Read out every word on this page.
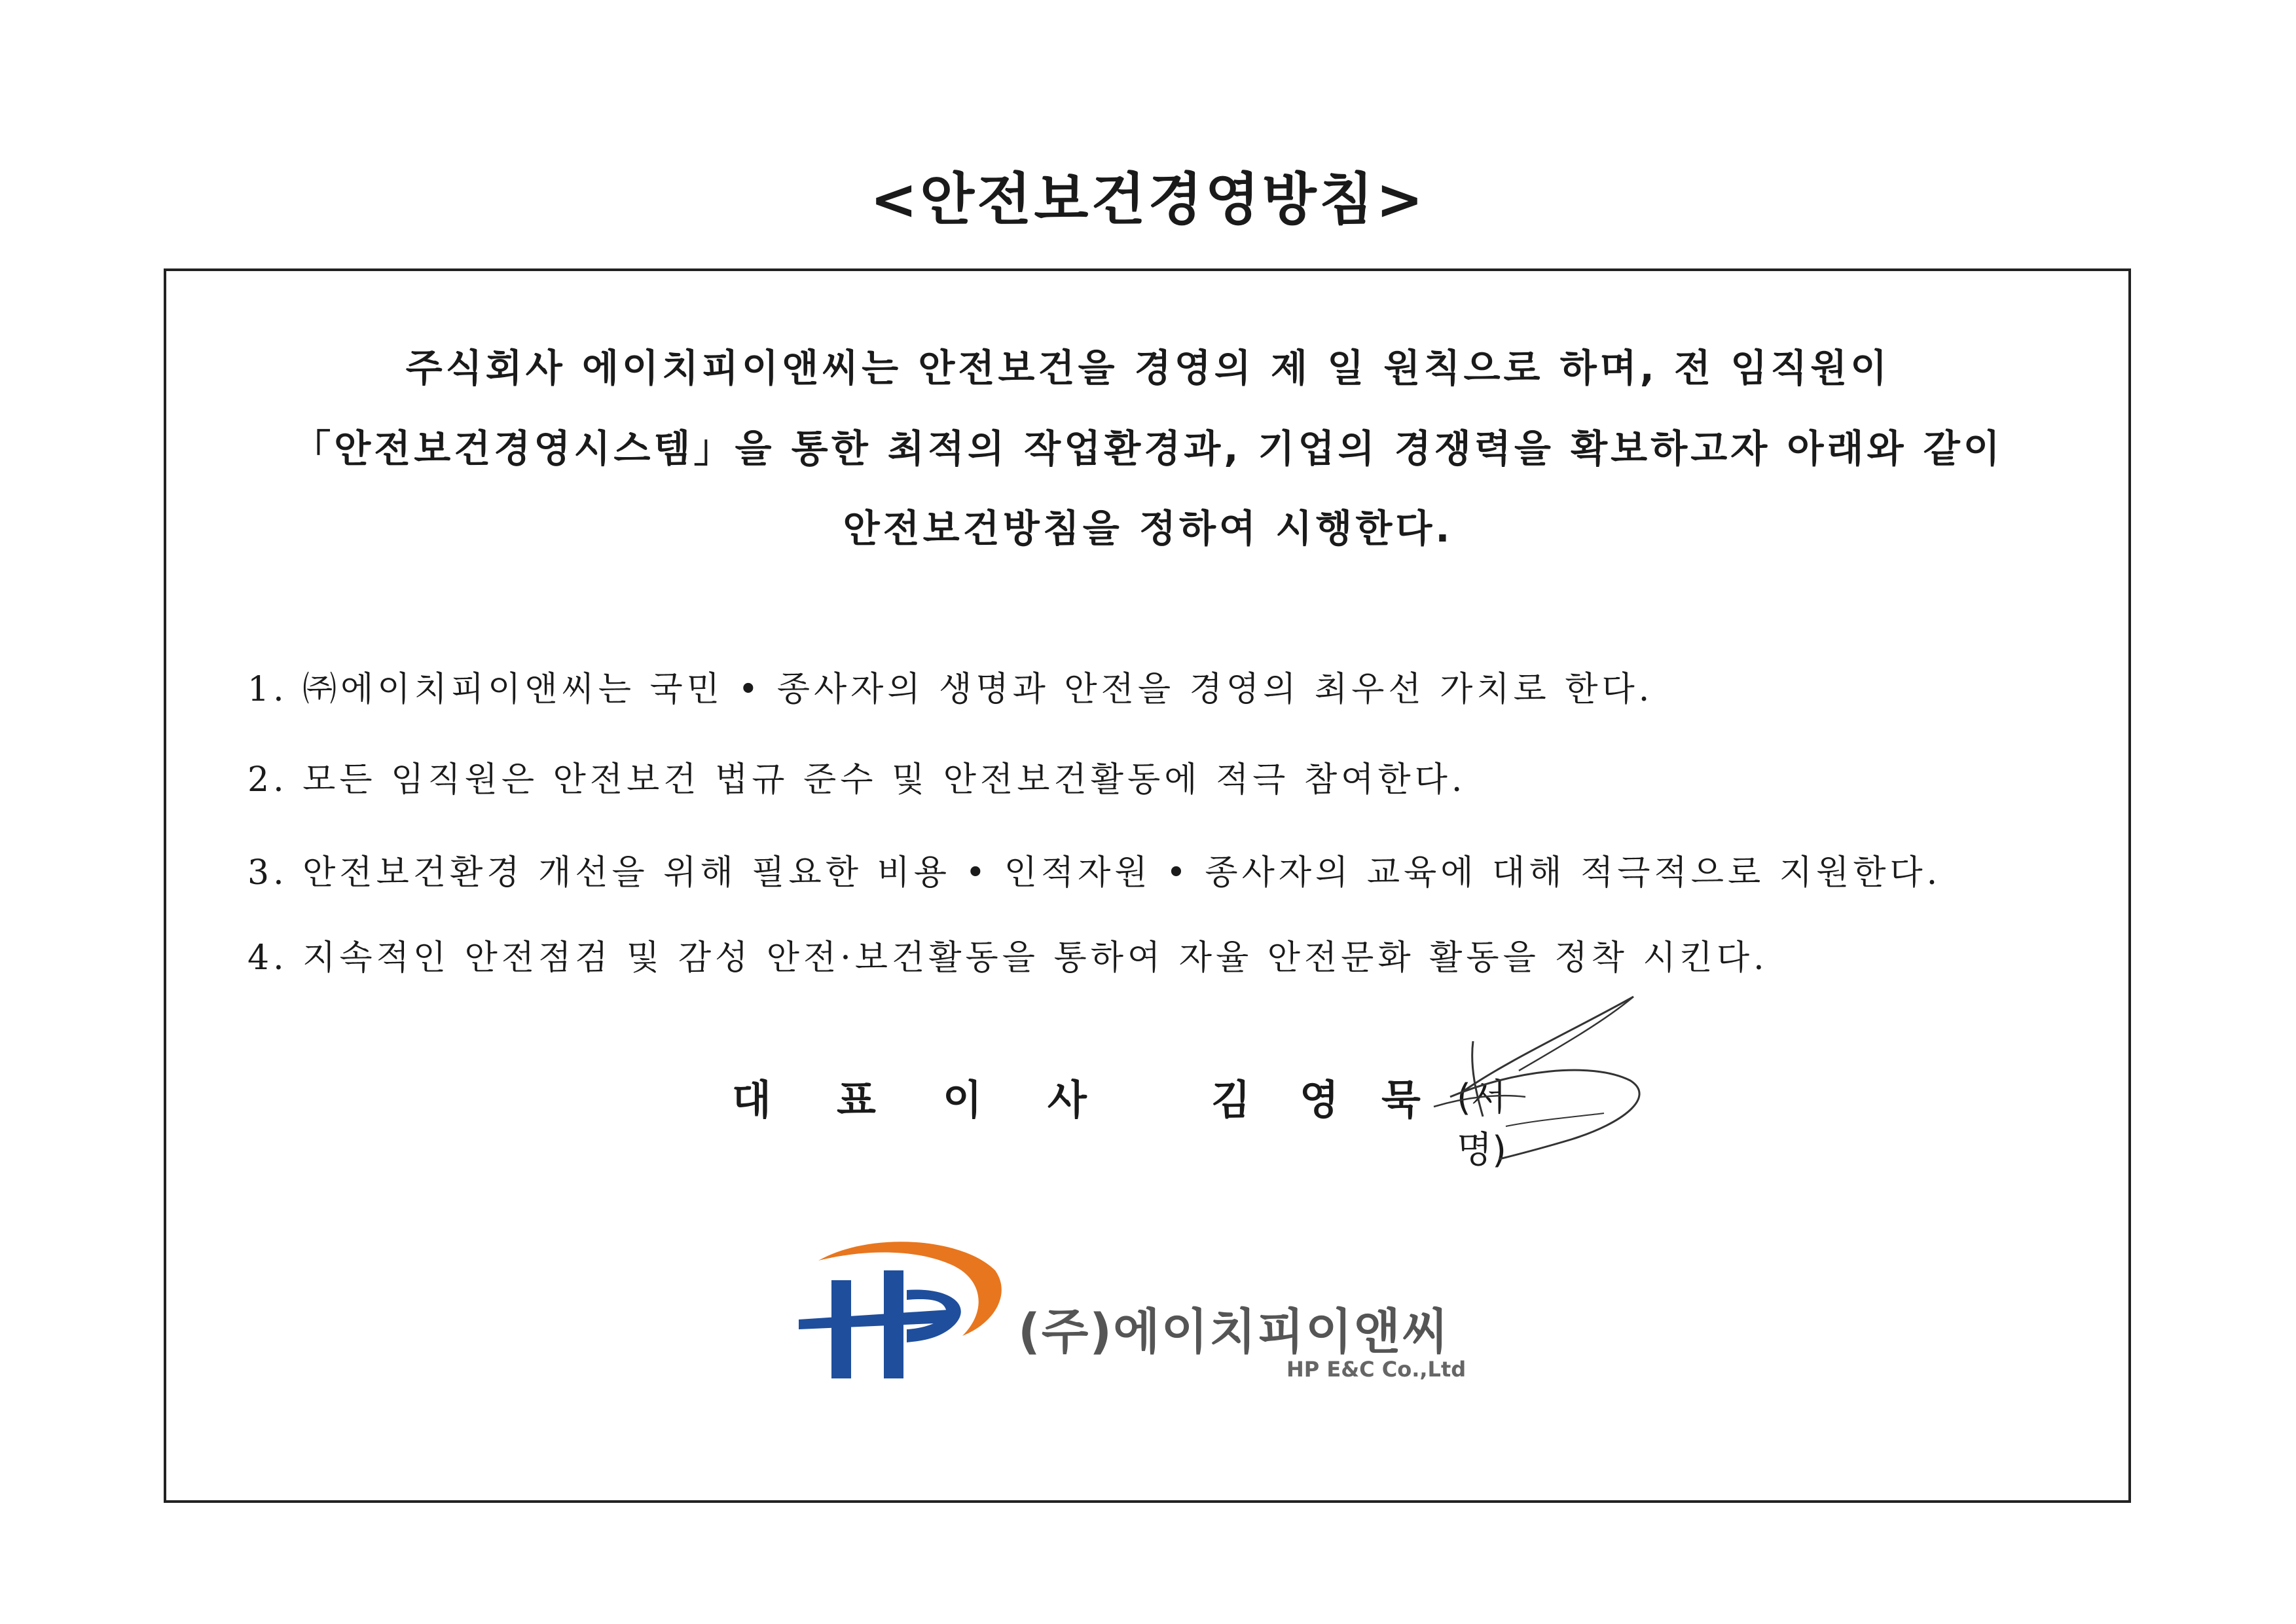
<안전보건경영방침>
주식회사 에이치피이앤씨는 안전보건을 경영의 제 일 원칙으로 하며, 전 임직원이
「안전보건경영시스템」을 통한 최적의 작업환경과, 기업의 경쟁력을 확보하고자 아래와 같이
안전보건방침을 정하여 시행한다.
1. ㈜에이치피이앤씨는 국민 • 종사자의 생명과 안전을 경영의 최우선 가치로 한다.
2. 모든 임직원은 안전보건 법규 준수 및 안전보건활동에 적극 참여한다.
3. 안전보건환경 개선을 위해 필요한 비용 • 인적자원 • 종사자의 교육에 대해 적극적으로 지원한다.
4. 지속적인 안전점검 및 감성 안전·보건활동을 통하여 자율 안전문화 활동을 정착 시킨다.
대 표 이 사	김 영 묵 (서명)
(주)에이치피이앤씨
HP E&C Co.,Ltd
